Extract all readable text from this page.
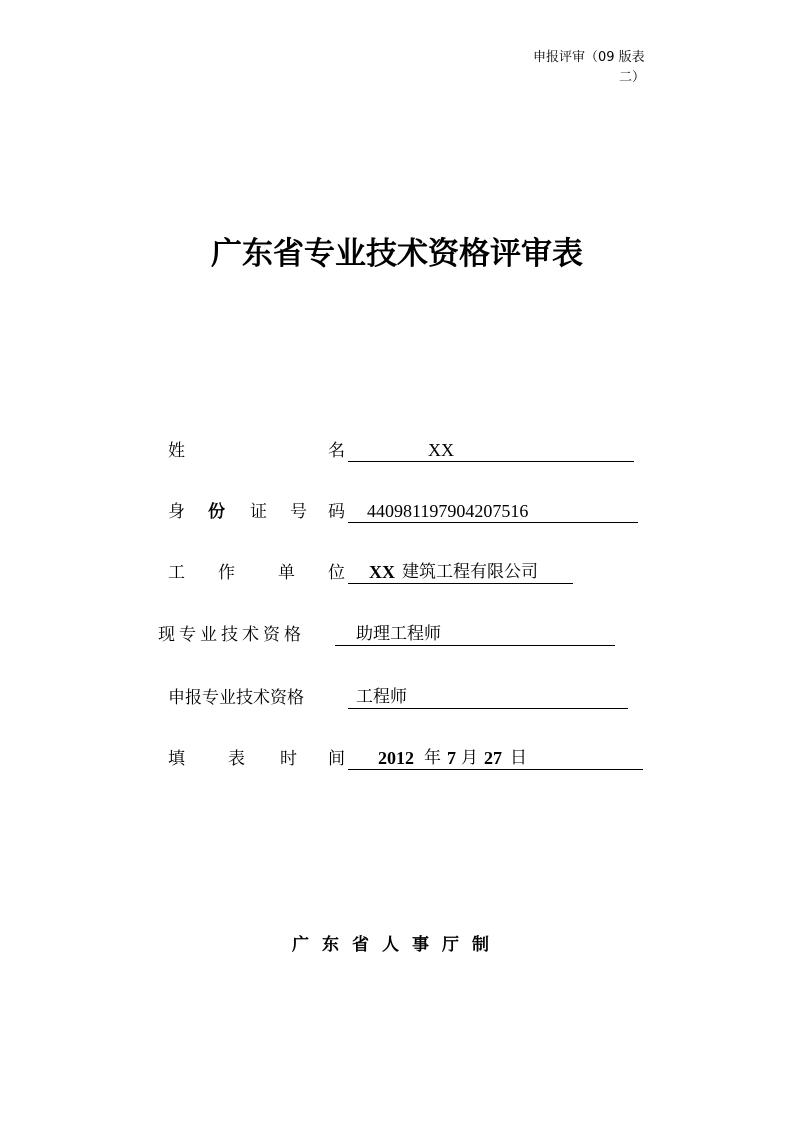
申报评审（09 版表
二）
广东省专业技术资格评审表
姓	名	XX
身 份 证 号 码 440981197904207516
工 作	单 位 XX 建筑工程有限公司
现专业技术资格	助理工程师
申报专业技术资格	工程师
填	表 时 间 2012 年 7 月 27 日
广东省人事厅制
